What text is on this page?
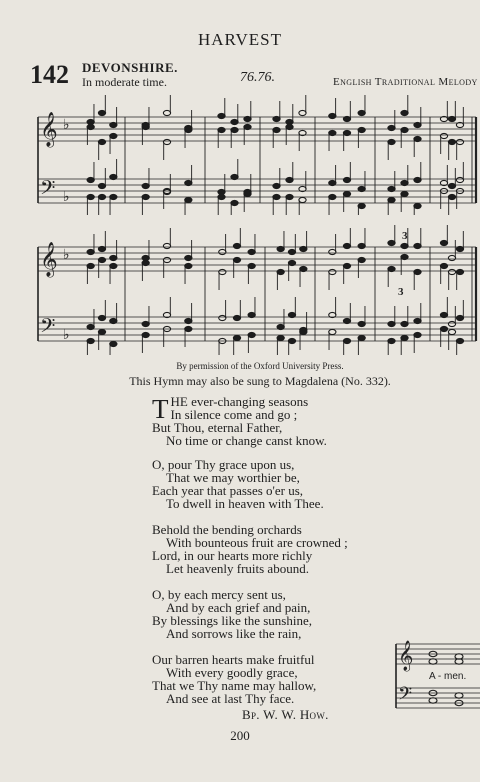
HARVEST
142 DEVONSHIRE.
In moderate time.	76.76.	English Traditional Melody
𝄞
𝄢
♭
♭
𝄞
𝄢
♭
♭
3
3
By permission of the Oxford University Press.
This Hymn may also be sung to Magdalena (No. 332).
T HE ever-changing seasons
In silence come and go ;
But Thou, eternal Father,
No time or change canst know.
O, pour Thy grace upon us,
That we may worthier be,
Each year that passes o'er us,
To dwell in heaven with Thee.
Behold the bending orchards
With bounteous fruit are crowned ;
Lord, in our hearts more richly
Let heavenly fruits abound.
O, by each mercy sent us,
And by each grief and pain,
By blessings like the sunshine,
And sorrows like the rain,
Our barren hearts make fruitful
With every goodly grace,
That we Thy name may hallow,
And see at last Thy face.
Bp. W. W. How.
𝄞
𝄢
A - men.
200
